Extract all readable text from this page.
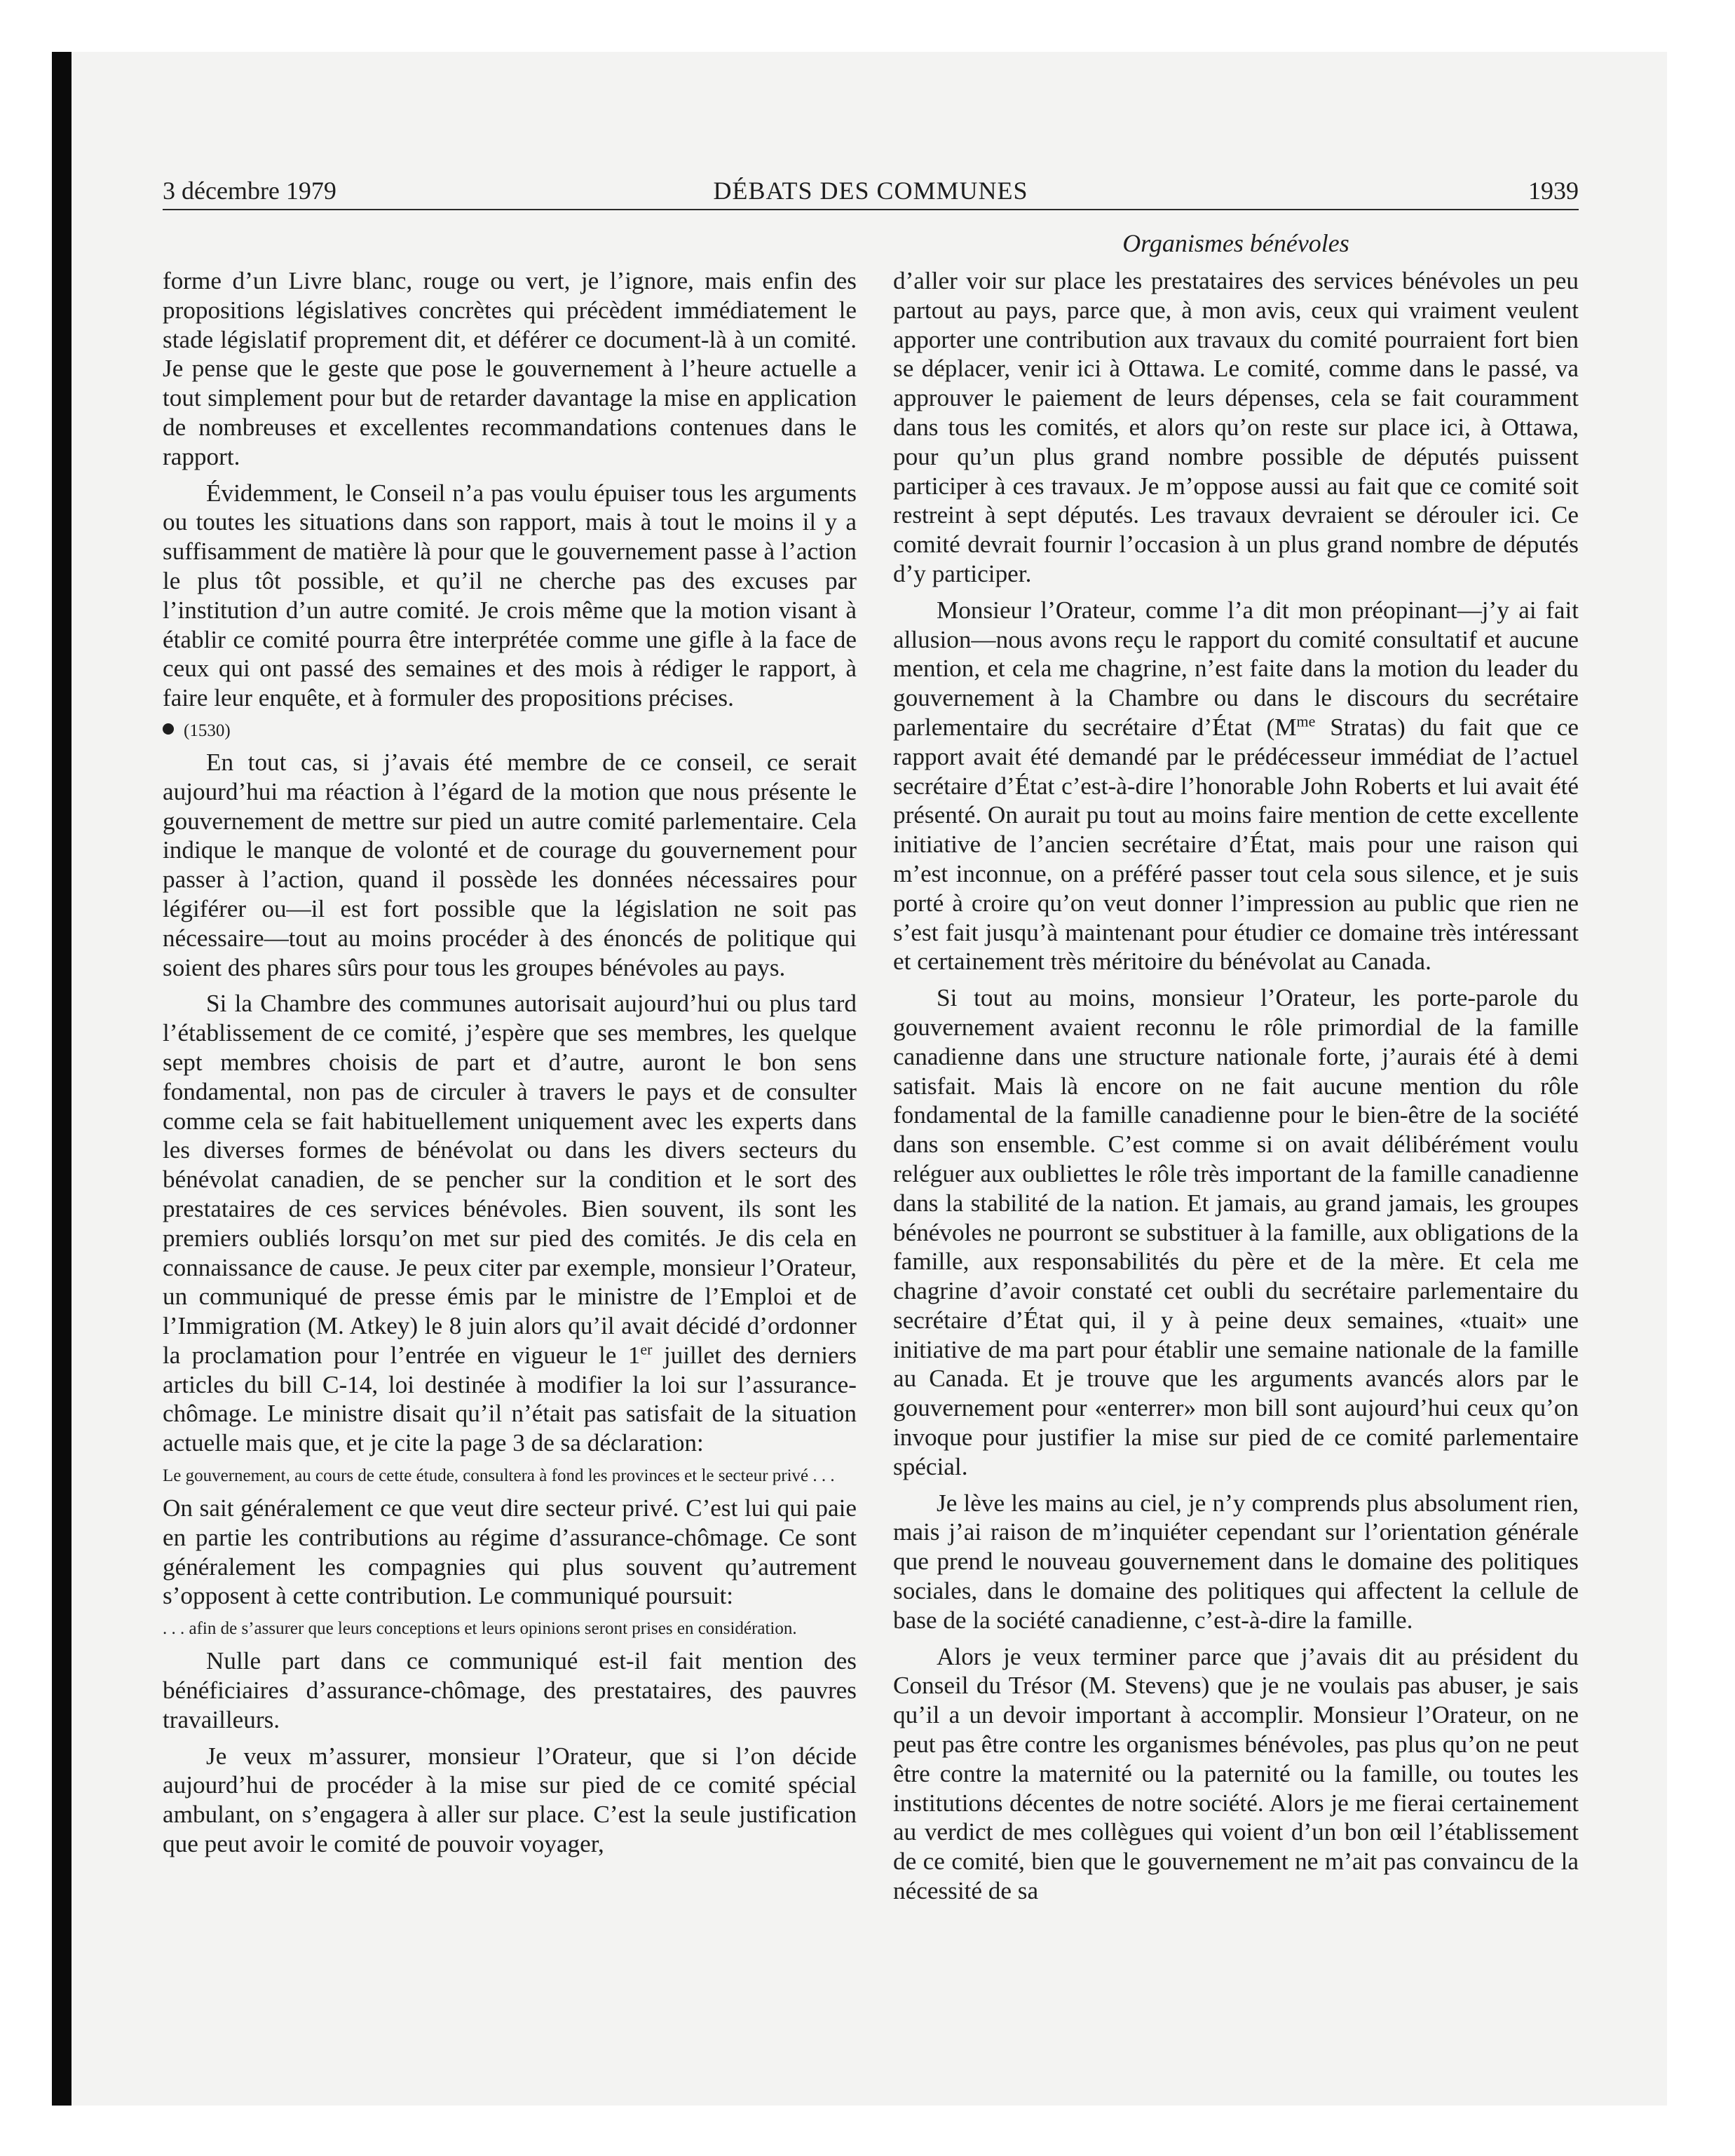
3 décembre 1979	DÉBATS DES COMMUNES	1939
Organismes bénévoles

forme d’un Livre blanc, rouge ou vert, je l’ignore, mais enfin des propositions législatives concrètes qui précèdent immédiatement le stade législatif proprement dit, et déférer ce document-là à un comité. Je pense que le geste que pose le gouvernement à l’heure actuelle a tout simplement pour but de retarder davantage la mise en application de nombreuses et excellentes recommandations contenues dans le rapport.

Évidemment, le Conseil n’a pas voulu épuiser tous les arguments ou toutes les situations dans son rapport, mais à tout le moins il y a suffisamment de matière là pour que le gouvernement passe à l’action le plus tôt possible, et qu’il ne cherche pas des excuses par l’institution d’un autre comité. Je crois même que la motion visant à établir ce comité pourra être interprétée comme une gifle à la face de ceux qui ont passé des semaines et des mois à rédiger le rapport, à faire leur enquête, et à formuler des propositions précises.

(1530)

En tout cas, si j’avais été membre de ce conseil, ce serait aujourd’hui ma réaction à l’égard de la motion que nous présente le gouvernement de mettre sur pied un autre comité parlementaire. Cela indique le manque de volonté et de courage du gouvernement pour passer à l’action, quand il possède les données nécessaires pour légiférer ou—il est fort possible que la législation ne soit pas nécessaire—tout au moins procéder à des énoncés de politique qui soient des phares sûrs pour tous les groupes bénévoles au pays.

Si la Chambre des communes autorisait aujourd’hui ou plus tard l’établissement de ce comité, j’espère que ses membres, les quelque sept membres choisis de part et d’autre, auront le bon sens fondamental, non pas de circuler à travers le pays et de consulter comme cela se fait habituellement uniquement avec les experts dans les diverses formes de bénévolat ou dans les divers secteurs du bénévolat canadien, de se pencher sur la condition et le sort des prestataires de ces services bénévoles. Bien souvent, ils sont les premiers oubliés lorsqu’on met sur pied des comités. Je dis cela en connaissance de cause. Je peux citer par exemple, monsieur l’Orateur, un communiqué de presse émis par le ministre de l’Emploi et de l’Immigration (M. Atkey) le 8 juin alors qu’il avait décidé d’ordonner la proclamation pour l’entrée en vigueur le 1er juillet des derniers articles du bill C-14, loi destinée à modifier la loi sur l’assurance-chômage. Le ministre disait qu’il n’était pas satisfait de la situation actuelle mais que, et je cite la page 3 de sa déclaration:

Le gouvernement, au cours de cette étude, consultera à fond les provinces et le secteur privé . . .

On sait généralement ce que veut dire secteur privé. C’est lui qui paie en partie les contributions au régime d’assurance-chômage. Ce sont généralement les compagnies qui plus souvent qu’autrement s’opposent à cette contribution. Le communiqué poursuit:

. . . afin de s’assurer que leurs conceptions et leurs opinions seront prises en considération.

Nulle part dans ce communiqué est-il fait mention des bénéficiaires d’assurance-chômage, des prestataires, des pauvres travailleurs.

Je veux m’assurer, monsieur l’Orateur, que si l’on décide aujourd’hui de procéder à la mise sur pied de ce comité spécial ambulant, on s’engagera à aller sur place. C’est la seule justification que peut avoir le comité de pouvoir voyager,

d’aller voir sur place les prestataires des services bénévoles un peu partout au pays, parce que, à mon avis, ceux qui vraiment veulent apporter une contribution aux travaux du comité pourraient fort bien se déplacer, venir ici à Ottawa. Le comité, comme dans le passé, va approuver le paiement de leurs dépenses, cela se fait couramment dans tous les comités, et alors qu’on reste sur place ici, à Ottawa, pour qu’un plus grand nombre possible de députés puissent participer à ces travaux. Je m’oppose aussi au fait que ce comité soit restreint à sept députés. Les travaux devraient se dérouler ici. Ce comité devrait fournir l’occasion à un plus grand nombre de députés d’y participer.

Monsieur l’Orateur, comme l’a dit mon préopinant—j’y ai fait allusion—nous avons reçu le rapport du comité consultatif et aucune mention, et cela me chagrine, n’est faite dans la motion du leader du gouvernement à la Chambre ou dans le discours du secrétaire parlementaire du secrétaire d’État ($M^{me}$ Stratas) du fait que ce rapport avait été demandé par le prédécesseur immédiat de l’actuel secrétaire d’État c’est-à-dire l’honorable John Roberts et lui avait été présenté. On aurait pu tout au moins faire mention de cette excellente initiative de l’ancien secrétaire d’État, mais pour une raison qui m’est inconnue, on a préféré passer tout cela sous silence, et je suis porté à croire qu’on veut donner l’impression au public que rien ne s’est fait jusqu’à maintenant pour étudier ce domaine très intéressant et certainement très méritoire du bénévolat au Canada.

Si tout au moins, monsieur l’Orateur, les porte-parole du gouvernement avaient reconnu le rôle primordial de la famille canadienne dans une structure nationale forte, j’aurais été à demi satisfait. Mais là encore on ne fait aucune mention du rôle fondamental de la famille canadienne pour le bien-être de la société dans son ensemble. C’est comme si on avait délibérément voulu reléguer aux oubliettes le rôle très important de la famille canadienne dans la stabilité de la nation. Et jamais, au grand jamais, les groupes bénévoles ne pourront se substituer à la famille, aux obligations de la famille, aux responsabilités du père et de la mère. Et cela me chagrine d’avoir constaté cet oubli du secrétaire parlementaire du secrétaire d’État qui, il y à peine deux semaines, «tuait» une initiative de ma part pour établir une semaine nationale de la famille au Canada. Et je trouve que les arguments avancés alors par le gouvernement pour «enterrer» mon bill sont aujourd’hui ceux qu’on invoque pour justifier la mise sur pied de ce comité parlementaire spécial.

Je lève les mains au ciel, je n’y comprends plus absolument rien, mais j’ai raison de m’inquiéter cependant sur l’orientation générale que prend le nouveau gouvernement dans le domaine des politiques sociales, dans le domaine des politiques qui affectent la cellule de base de la société canadienne, c’est-à-dire la famille.

Alors je veux terminer parce que j’avais dit au président du Conseil du Trésor (M. Stevens) que je ne voulais pas abuser, je sais qu’il a un devoir important à accomplir. Monsieur l’Orateur, on ne peut pas être contre les organismes bénévoles, pas plus qu’on ne peut être contre la maternité ou la paternité ou la famille, ou toutes les institutions décentes de notre société. Alors je me fierai certainement au verdict de mes collègues qui voient d’un bon œil l’établissement de ce comité, bien que le gouvernement ne m’ait pas convaincu de la nécessité de sa
